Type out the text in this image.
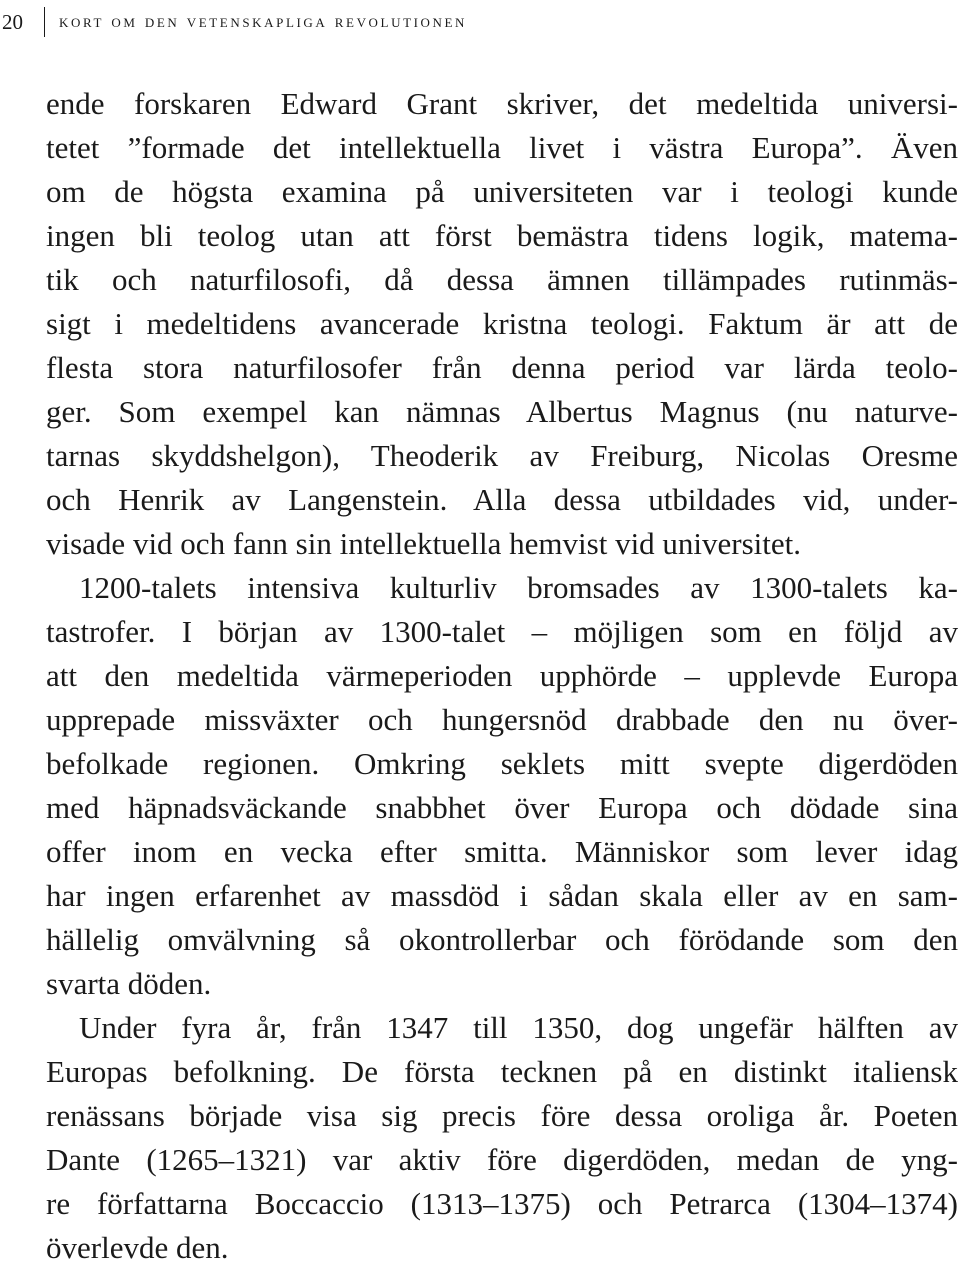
20	kort om den vetenskapliga revolutionen
ende forskaren Edward Grant skriver, det medeltida universi-
tetet ”formade det intellektuella livet i västra Europa”. Även
om de högsta examina på universiteten var i teologi kunde
ingen bli teolog utan att först bemästra tidens logik, matema-
tik och naturfilosofi, då dessa ämnen tillämpades rutinmäs-
sigt i medeltidens avancerade kristna teologi. Faktum är att de
flesta stora naturfilosofer från denna period var lärda teolo-
ger. Som exempel kan nämnas Albertus Magnus (nu naturve-
tarnas skyddshelgon), Theoderik av Freiburg, Nicolas Oresme
och Henrik av Langenstein. Alla dessa utbildades vid, under-
visade vid och fann sin intellektuella hemvist vid universitet.
1200-talets intensiva kulturliv bromsades av 1300-talets ka-
tastrofer. I början av 1300-talet – möjligen som en följd av
att den medeltida värmeperioden upphörde – upplevde Europa
upprepade missväxter och hungersnöd drabbade den nu över-
befolkade regionen. Omkring seklets mitt svepte digerdöden
med häpnadsväckande snabbhet över Europa och dödade sina
offer inom en vecka efter smitta. Människor som lever idag
har ingen erfarenhet av massdöd i sådan skala eller av en sam-
hällelig omvälvning så okontrollerbar och förödande som den
svarta döden.
Under fyra år, från 1347 till 1350, dog ungefär hälften av
Europas befolkning. De första tecknen på en distinkt italiensk
renässans började visa sig precis före dessa oroliga år. Poeten
Dante (1265–1321) var aktiv före digerdöden, medan de yng-
re författarna Boccaccio (1313–1375) och Petrarca (1304–1374)
överlevde den.
